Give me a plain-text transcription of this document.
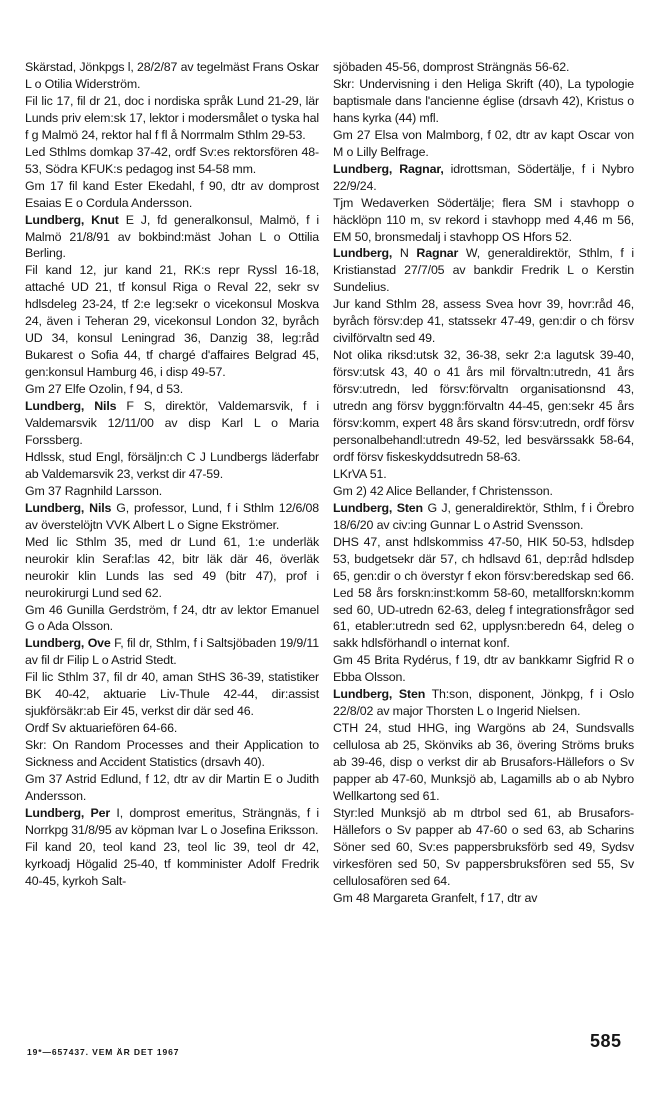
Skärstad, Jönkpgs l, 28/2/87 av tegelmäst Frans Oskar L o Otilia Widerström.

Fil lic 17, fil dr 21, doc i nordiska språk Lund 21-29, lär Lunds priv elem:sk 17, lektor i modersmålet o tyska hal f g Malmö 24, rektor hal f fl å Norrmalm Sthlm 29-53.

Led Sthlms domkap 37-42, ordf Sv:es rektorsfören 48-53, Södra KFUK:s pedagog inst 54-58 mm.

Gm 17 fil kand Ester Ekedahl, f 90, dtr av domprost Esaias E o Cordula Andersson.

Lundberg, Knut E J, fd generalkonsul, Malmö, f i Malmö 21/8/91 av bokbind:mäst Johan L o Ottilia Berling.

Fil kand 12, jur kand 21, RK:s repr Ryssl 16-18, attaché UD 21, tf konsul Riga o Reval 22, sekr sv hdlsdeleg 23-24, tf 2:e leg:sekr o vicekonsul Moskva 24, även i Teheran 29, vicekonsul London 32, byråch UD 34, konsul Leningrad 36, Danzig 38, leg:råd Bukarest o Sofia 44, tf chargé d'affaires Belgrad 45, gen:konsul Hamburg 46, i disp 49-57.

Gm 27 Elfe Ozolin, f 94, d 53.

Lundberg, Nils F S, direktör, Valdemarsvik, f i Valdemarsvik 12/11/00 av disp Karl L o Maria Forssberg.

Hdlssk, stud Engl, försäljn:ch C J Lundbergs läderfabr ab Valdemarsvik 23, verkst dir 47-59.

Gm 37 Ragnhild Larsson.

Lundberg, Nils G, professor, Lund, f i Sthlm 12/6/08 av överstelöjtn VVK Albert L o Signe Ekströmer.

Med lic Sthlm 35, med dr Lund 61, 1:e underläk neurokir klin Seraf:las 42, bitr läk där 46, överläk neurokir klin Lunds las sed 49 (bitr 47), prof i neurokirurgi Lund sed 62.

Gm 46 Gunilla Gerdström, f 24, dtr av lektor Emanuel G o Ada Olsson.

Lundberg, Ove F, fil dr, Sthlm, f i Saltsjöbaden 19/9/11 av fil dr Filip L o Astrid Stedt.

Fil lic Sthlm 37, fil dr 40, aman StHS 36-39, statistiker BK 40-42, aktuarie Liv-Thule 42-44, dir:assist sjukförsäkr:ab Eir 45, verkst dir där sed 46.

Ordf Sv aktuariefören 64-66.

Skr: On Random Processes and their Application to Sickness and Accident Statistics (drsavh 40).

Gm 37 Astrid Edlund, f 12, dtr av dir Martin E o Judith Andersson.

Lundberg, Per I, domprost emeritus, Strängnäs, f i Norrkpg 31/8/95 av köpman Ivar L o Josefina Eriksson.

Fil kand 20, teol kand 23, teol lic 39, teol dr 42, kyrkoadj Högalid 25-40, tf komminister Adolf Fredrik 40-45, kyrkoh Salt-

sjöbaden 45-56, domprost Strängnäs 56-62.

Skr: Undervisning i den Heliga Skrift (40), La typologie baptismale dans l'ancienne église (drsavh 42), Kristus o hans kyrka (44) mfl.

Gm 27 Elsa von Malmborg, f 02, dtr av kapt Oscar von M o Lilly Belfrage.

Lundberg, Ragnar, idrottsman, Södertälje, f i Nybro 22/9/24.

Tjm Wedaverken Södertälje; flera SM i stavhopp o häcklöpn 110 m, sv rekord i stavhopp med 4,46 m 56, EM 50, bronsmedalj i stavhopp OS Hfors 52.

Lundberg, N Ragnar W, generaldirektör, Sthlm, f i Kristianstad 27/7/05 av bankdir Fredrik L o Kerstin Sundelius.

Jur kand Sthlm 28, assess Svea hovr 39, hovr:råd 46, byråch försv:dep 41, statssekr 47-49, gen:dir o ch försv civilförvaltn sed 49.

Not olika riksd:utsk 32, 36-38, sekr 2:a lagutsk 39-40, försv:utsk 43, 40 o 41 års mil förvaltn:utredn, 41 års försv:utredn, led försv:förvaltn organisationsnd 43, utredn ang försv byggn:förvaltn 44-45, gen:sekr 45 års försv:komm, expert 48 års skand försv:utredn, ordf försv personalbehandl:utredn 49-52, led besvärssakk 58-64, ordf försv fiskeskyddsutredn 58-63.

LKrVA 51.

Gm 2) 42 Alice Bellander, f Christensson.

Lundberg, Sten G J, generaldirektör, Sthlm, f i Örebro 18/6/20 av civ:ing Gunnar L o Astrid Svensson.

DHS 47, anst hdlskommiss 47-50, HIK 50-53, hdlsdep 53, budgetsekr där 57, ch hdlsavd 61, dep:råd hdlsdep 65, gen:dir o ch överstyr f ekon försv:beredskap sed 66. Led 58 års forskn:inst:komm 58-60, metallforskn:komm sed 60, UD-utredn 62-63, deleg f integrationsfrågor sed 61, etabler:utredn sed 62, upplysn:beredn 64, deleg o sakk hdlsförhandl o internat konf.

Gm 45 Brita Rydérus, f 19, dtr av bankkamr Sigfrid R o Ebba Olsson.

Lundberg, Sten Th:son, disponent, Jönkpg, f i Oslo 22/8/02 av major Thorsten L o Ingerid Nielsen.

CTH 24, stud HHG, ing Wargöns ab 24, Sundsvalls cellulosa ab 25, Skönviks ab 36, övering Ströms bruks ab 39-46, disp o verkst dir ab Brusafors-Hällefors o Sv papper ab 47-60, Munksjö ab, Lagamills ab o ab Nybro Wellkartong sed 61.

Styr:led Munksjö ab m dtrbol sed 61, ab Brusafors-Hällefors o Sv papper ab 47-60 o sed 63, ab Scharins Söner sed 60, Sv:es pappersbruksförb sed 49, Sydsv virkesfören sed 50, Sv pappersbruksfören sed 55, Sv cellulosafören sed 64.

Gm 48 Margareta Granfelt, f 17, dtr av

19*—657437. VEM ÄR DET 1967
585
